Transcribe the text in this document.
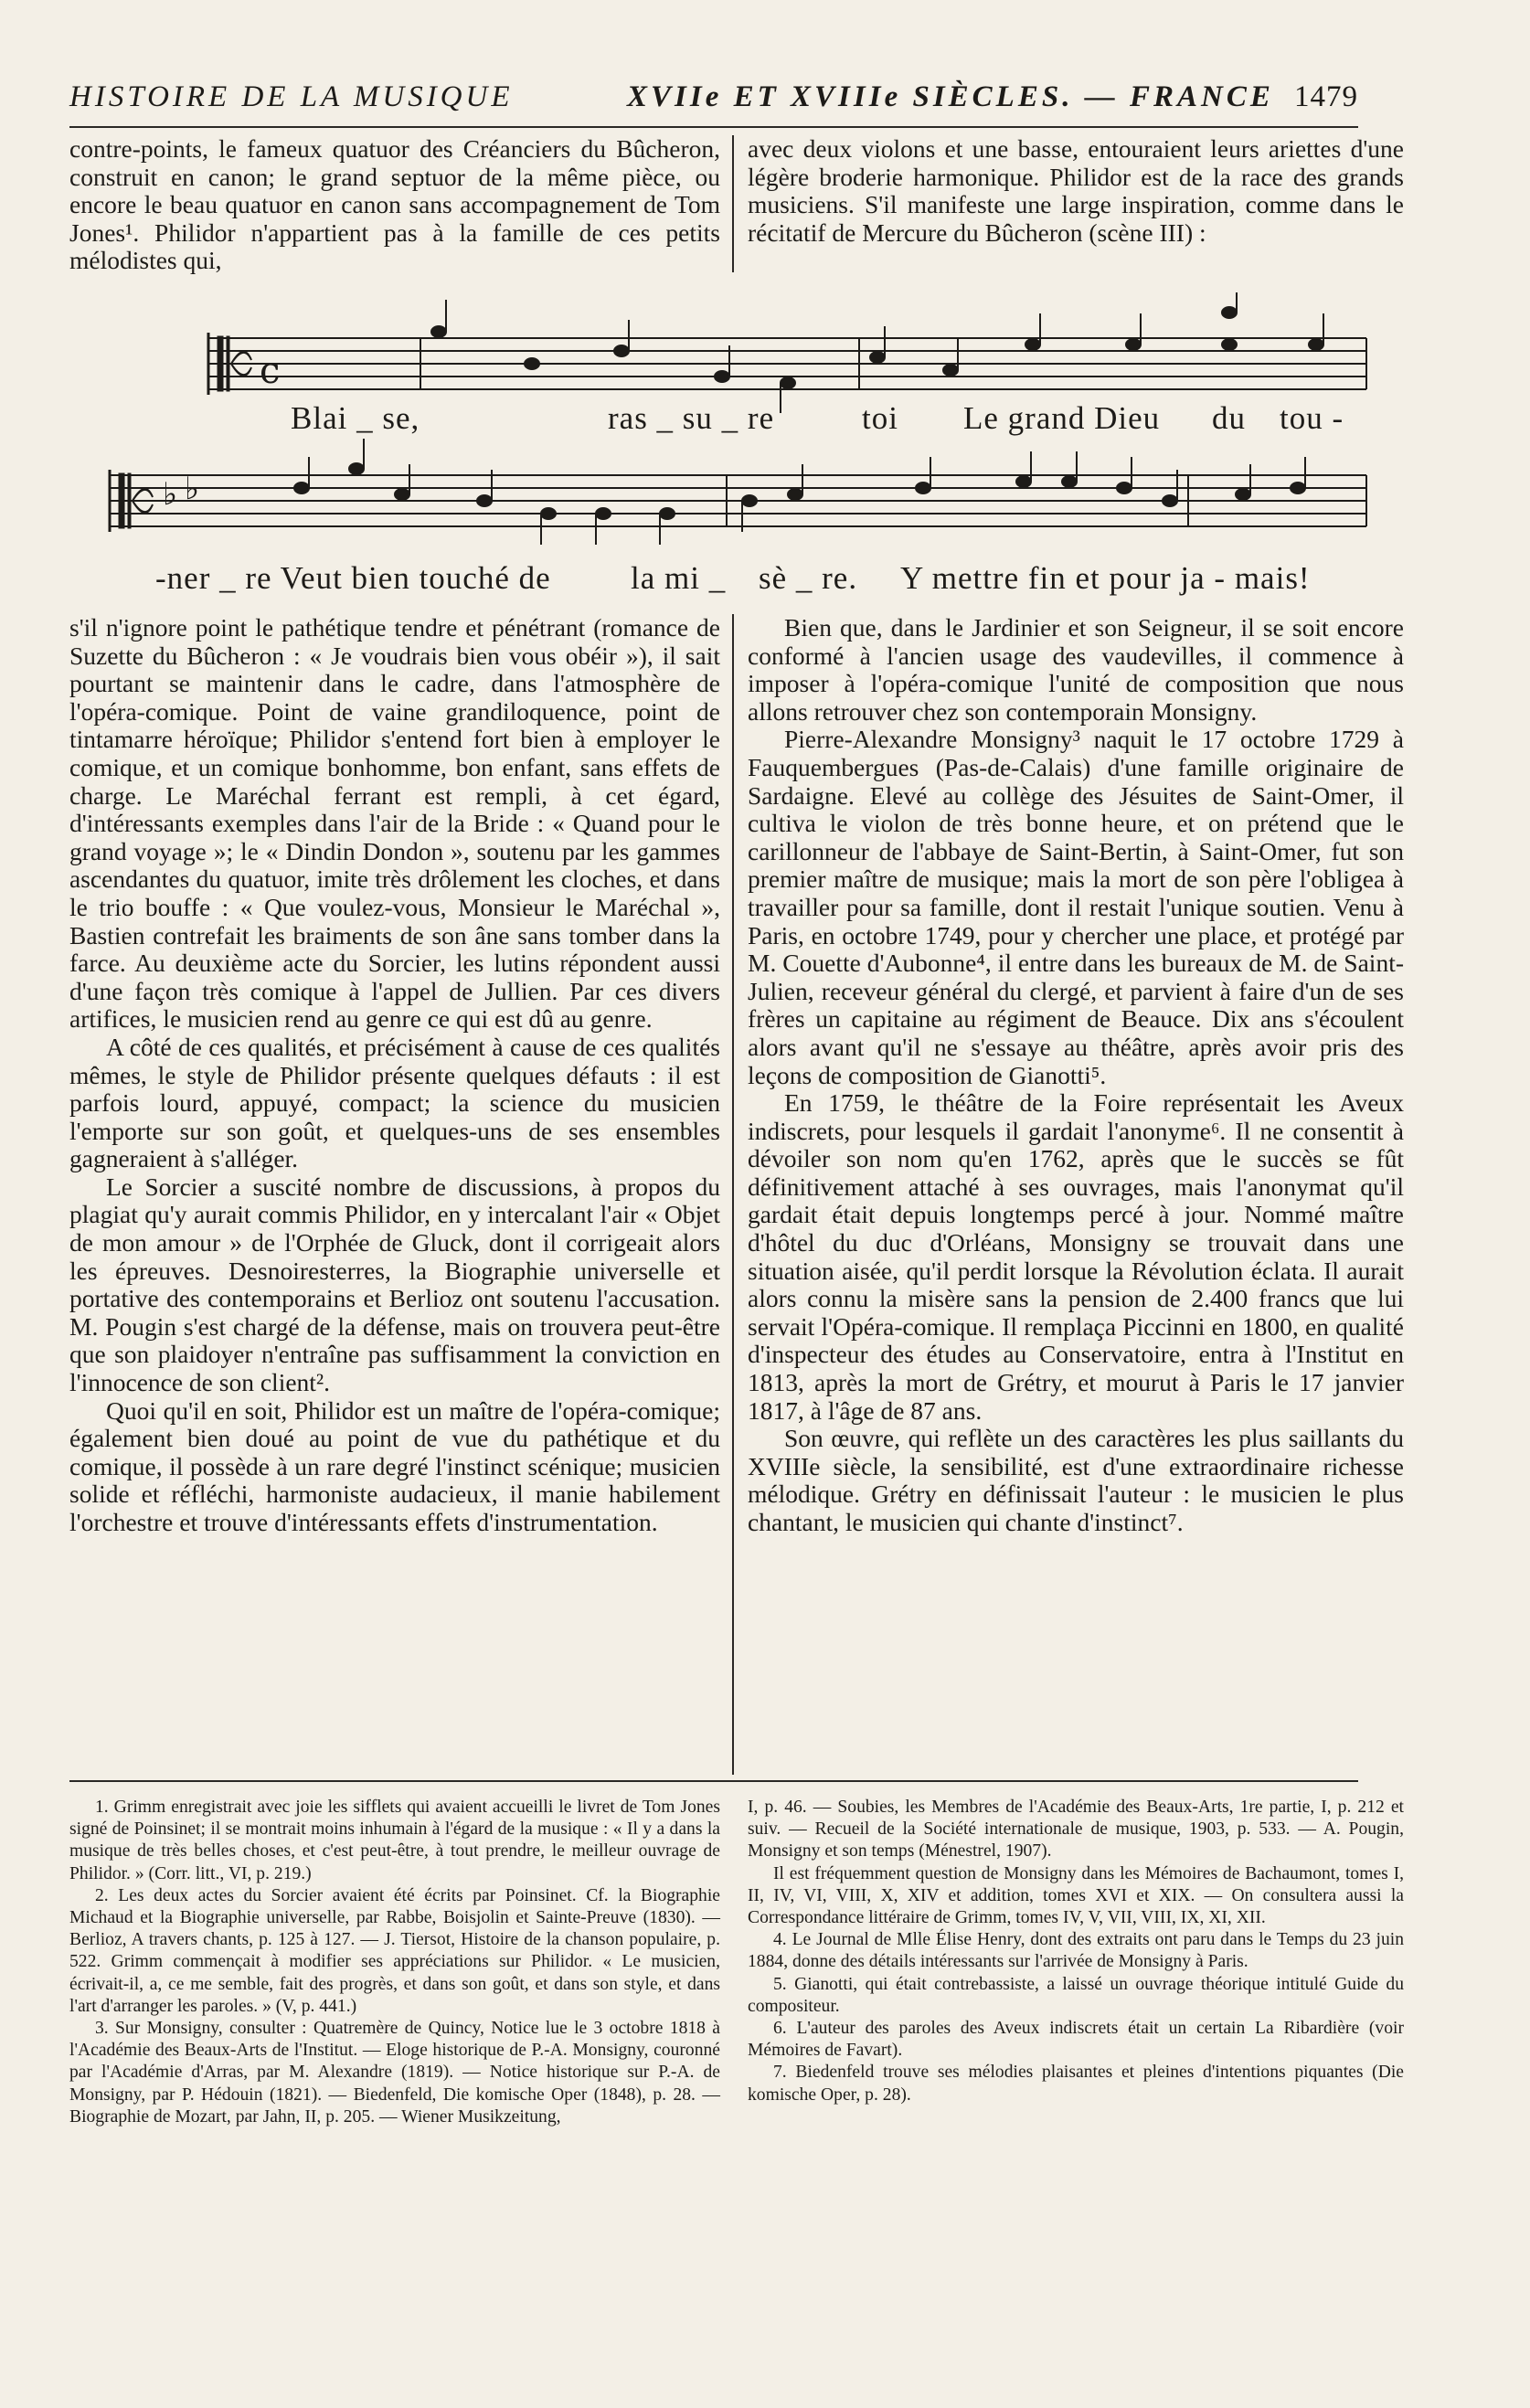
HISTOIRE DE LA MUSIQUE	XVIIe ET XVIIIe SIÈCLES. — FRANCE 1479

contre-points, le fameux quatuor des Créanciers du Bûcheron, construit en canon; le grand septuor de la même pièce, ou encore le beau quatuor en canon sans accompagnement de Tom Jones¹. Philidor n'appartient pas à la famille de ces petits mélodistes qui,

avec deux violons et une basse, entouraient leurs ariettes d'une légère broderie harmonique. Philidor est de la race des grands musiciens. S'il manifeste une large inspiration, comme dans le récitatif de Mercure du Bûcheron (scène III) :

c
♭ ♭
Blai _ se,	ras _ su _ re	toi Le grand Dieu du tou -
-ner _ re Veut bien touché de la mi _ sè _ re. Y mettre fin et pour ja - mais!

s'il n'ignore point le pathétique tendre et pénétrant (romance de Suzette du Bûcheron : « Je voudrais bien vous obéir »), il sait pourtant se maintenir dans le cadre, dans l'atmosphère de l'opéra-comique. Point de vaine grandiloquence, point de tintamarre héroïque; Philidor s'entend fort bien à employer le comique, et un comique bonhomme, bon enfant, sans effets de charge. Le Maréchal ferrant est rempli, à cet égard, d'intéressants exemples dans l'air de la Bride : « Quand pour le grand voyage »; le « Dindin Dondon », soutenu par les gammes ascendantes du quatuor, imite très drôlement les cloches, et dans le trio bouffe : « Que voulez-vous, Monsieur le Maréchal », Bastien contrefait les braiments de son âne sans tomber dans la farce. Au deuxième acte du Sorcier, les lutins répondent aussi d'une façon très comique à l'appel de Jullien. Par ces divers artifices, le musicien rend au genre ce qui est dû au genre.

A côté de ces qualités, et précisément à cause de ces qualités mêmes, le style de Philidor présente quelques défauts : il est parfois lourd, appuyé, compact; la science du musicien l'emporte sur son goût, et quelques-uns de ses ensembles gagneraient à s'alléger.

Le Sorcier a suscité nombre de discussions, à propos du plagiat qu'y aurait commis Philidor, en y intercalant l'air « Objet de mon amour » de l'Orphée de Gluck, dont il corrigeait alors les épreuves. Desnoiresterres, la Biographie universelle et portative des contemporains et Berlioz ont soutenu l'accusation. M. Pougin s'est chargé de la défense, mais on trouvera peut-être que son plaidoyer n'entraîne pas suffisamment la conviction en l'innocence de son client².

Quoi qu'il en soit, Philidor est un maître de l'opéra-comique; également bien doué au point de vue du pathétique et du comique, il possède à un rare degré l'instinct scénique; musicien solide et réfléchi, harmoniste audacieux, il manie habilement l'orchestre et trouve d'intéressants effets d'instrumentation.

Bien que, dans le Jardinier et son Seigneur, il se soit encore conformé à l'ancien usage des vaudevilles, il commence à imposer à l'opéra-comique l'unité de composition que nous allons retrouver chez son contemporain Monsigny.

Pierre-Alexandre Monsigny³ naquit le 17 octobre 1729 à Fauquembergues (Pas-de-Calais) d'une famille originaire de Sardaigne. Elevé au collège des Jésuites de Saint-Omer, il cultiva le violon de très bonne heure, et on prétend que le carillonneur de l'abbaye de Saint-Bertin, à Saint-Omer, fut son premier maître de musique; mais la mort de son père l'obligea à travailler pour sa famille, dont il restait l'unique soutien. Venu à Paris, en octobre 1749, pour y chercher une place, et protégé par M. Couette d'Aubonne⁴, il entre dans les bureaux de M. de Saint-Julien, receveur général du clergé, et parvient à faire d'un de ses frères un capitaine au régiment de Beauce. Dix ans s'écoulent alors avant qu'il ne s'essaye au théâtre, après avoir pris des leçons de composition de Gianotti⁵.

En 1759, le théâtre de la Foire représentait les Aveux indiscrets, pour lesquels il gardait l'anonyme⁶. Il ne consentit à dévoiler son nom qu'en 1762, après que le succès se fût définitivement attaché à ses ouvrages, mais l'anonymat qu'il gardait était depuis longtemps percé à jour. Nommé maître d'hôtel du duc d'Orléans, Monsigny se trouvait dans une situation aisée, qu'il perdit lorsque la Révolution éclata. Il aurait alors connu la misère sans la pension de 2.400 francs que lui servait l'Opéra-comique. Il remplaça Piccinni en 1800, en qualité d'inspecteur des études au Conservatoire, entra à l'Institut en 1813, après la mort de Grétry, et mourut à Paris le 17 janvier 1817, à l'âge de 87 ans.

Son œuvre, qui reflète un des caractères les plus saillants du XVIIIe siècle, la sensibilité, est d'une extraordinaire richesse mélodique. Grétry en définissait l'auteur : le musicien le plus chantant, le musicien qui chante d'instinct⁷.

1. Grimm enregistrait avec joie les sifflets qui avaient accueilli le livret de Tom Jones signé de Poinsinet; il se montrait moins inhumain à l'égard de la musique : « Il y a dans la musique de très belles choses, et c'est peut-être, à tout prendre, le meilleur ouvrage de Philidor. » (Corr. litt., VI, p. 219.)

2. Les deux actes du Sorcier avaient été écrits par Poinsinet. Cf. la Biographie Michaud et la Biographie universelle, par Rabbe, Boisjolin et Sainte-Preuve (1830). — Berlioz, A travers chants, p. 125 à 127. — J. Tiersot, Histoire de la chanson populaire, p. 522. Grimm commençait à modifier ses appréciations sur Philidor. « Le musicien, écrivait-il, a, ce me semble, fait des progrès, et dans son goût, et dans son style, et dans l'art d'arranger les paroles. » (V, p. 441.)

3. Sur Monsigny, consulter : Quatremère de Quincy, Notice lue le 3 octobre 1818 à l'Académie des Beaux-Arts de l'Institut. — Eloge historique de P.-A. Monsigny, couronné par l'Académie d'Arras, par M. Alexandre (1819). — Notice historique sur P.-A. de Monsigny, par P. Hédouin (1821). — Biedenfeld, Die komische Oper (1848), p. 28. — Biographie de Mozart, par Jahn, II, p. 205. — Wiener Musikzeitung,

I, p. 46. — Soubies, les Membres de l'Académie des Beaux-Arts, 1re partie, I, p. 212 et suiv. — Recueil de la Société internationale de musique, 1903, p. 533. — A. Pougin, Monsigny et son temps (Ménestrel, 1907).

Il est fréquemment question de Monsigny dans les Mémoires de Bachaumont, tomes I, II, IV, VI, VIII, X, XIV et addition, tomes XVI et XIX. — On consultera aussi la Correspondance littéraire de Grimm, tomes IV, V, VII, VIII, IX, XI, XII.

4. Le Journal de Mlle Élise Henry, dont des extraits ont paru dans le Temps du 23 juin 1884, donne des détails intéressants sur l'arrivée de Monsigny à Paris.

5. Gianotti, qui était contrebassiste, a laissé un ouvrage théorique intitulé Guide du compositeur.

6. L'auteur des paroles des Aveux indiscrets était un certain La Ribardière (voir Mémoires de Favart).

7. Biedenfeld trouve ses mélodies plaisantes et pleines d'intentions piquantes (Die komische Oper, p. 28).
